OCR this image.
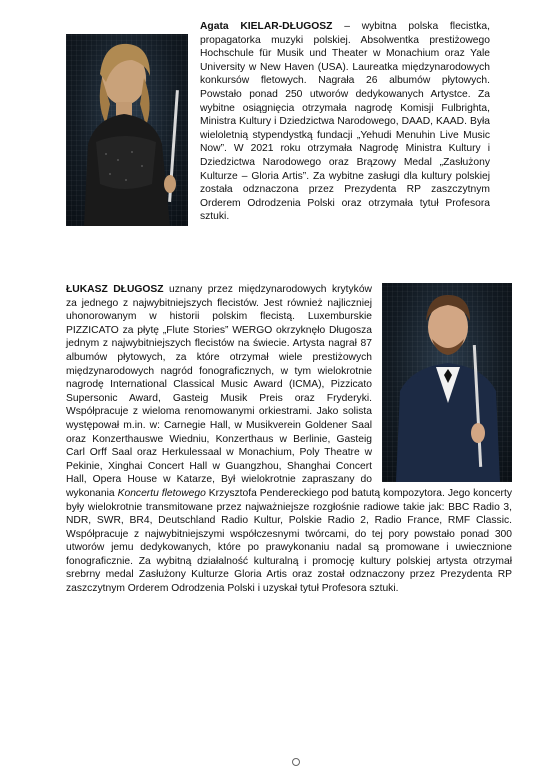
Agata KIELAR-DŁUGOSZ – wybitna polska flecistka, propagatorka muzyki polskiej. Absolwentka prestiżowego Hochschule für Musik und Theater w Monachium oraz Yale University w New Haven (USA). Laureatka międzynarodowych konkursów fletowych. Nagrała 26 albumów płytowych. Powstało ponad 250 utworów dedykowanych Artystce. Za wybitne osiągnięcia otrzymała nagrodę Komisji Fulbrighta, Ministra Kultury i Dziedzictwa Narodowego, DAAD, KAAD. Była wieloletnią stypendystką fundacji „Yehudi Menuhin Live Music Now”. W 2021 roku otrzymała Nagrodę Ministra Kultury i Dziedzictwa Narodowego oraz Brązowy Medal „Zasłużony Kulturze – Gloria Artis”. Za wybitne zasługi dla kultury polskiej została odznaczona przez Prezydenta RP zaszczytnym Orderem Odrodzenia Polski oraz otrzymała tytuł Profesora sztuki.

ŁUKASZ DŁUGOSZ uznany przez międzynarodowych krytyków za jednego z najwybitniejszych flecistów. Jest również najliczniej uhonorowanym w historii polskim flecistą. Luxemburskie PIZZICATO za płytę „Flute Stories” WERGO okrzyknęło Długosza jednym z najwybitniejszych flecistów na świecie. Artysta nagrał 87 albumów płytowych, za które otrzymał wiele prestiżowych międzynarodowych nagród fonograficznych, w tym wielokrotnie nagrodę International Classical Music Award (ICMA), Pizzicato Supersonic Award, Gasteig Musik Preis oraz Fryderyki. Współpracuje z wieloma renomowanymi orkiestrami. Jako solista występował m.in. w: Carnegie Hall, w Musikverein Goldener Saal oraz Konzerthauswe Wiedniu, Konzerthaus w Berlinie, Gasteig Carl Orff Saal oraz Herkulessaal w Monachium, Poly Theatre w Pekinie, Xinghai Concert Hall w Guangzhou, Shanghai Concert Hall, Opera House w Katarze, Był wielokrotnie zapraszany do wykonania Koncertu fletowego Krzysztofa Pendereckiego pod batutą kompozytora. Jego koncerty były wielokrotnie transmitowane przez najważniejsze rozgłośnie radiowe takie jak: BBC Radio 3, NDR, SWR, BR4, Deutschland Radio Kultur, Polskie Radio 2, Radio France, RMF Classic. Współpracuje z najwybitniejszymi współczesnymi twórcami, do tej pory powstało ponad 300 utworów jemu dedykowanych, które po prawykonaniu nadal są promowane i uwiecznione fonograficznie. Za wybitną działalność kulturalną i promocję kultury polskiej artysta otrzymał srebrny medal Zasłużony Kulturze Gloria Artis oraz został odznaczony przez Prezydenta RP zaszczytnym Orderem Odrodzenia Polski i uzyskał tytuł Profesora sztuki.
